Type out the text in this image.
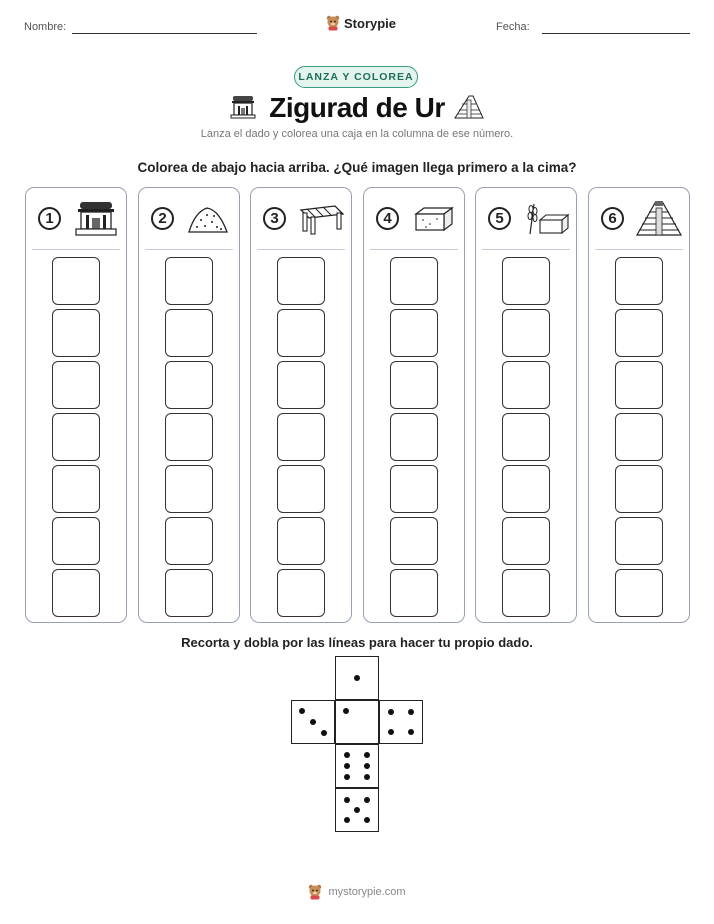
Nombre:	Storypie	Fecha:
LANZA Y COLOREA
Zigurad de Ur
Lanza el dado y colorea una caja en la columna de ese número.
Colorea de abajo hacia arriba. ¿Qué imagen llega primero a la cima?
1	2	3	4	5	6
Recorta y dobla por las líneas para hacer tu propio dado.
mystorypie.com
